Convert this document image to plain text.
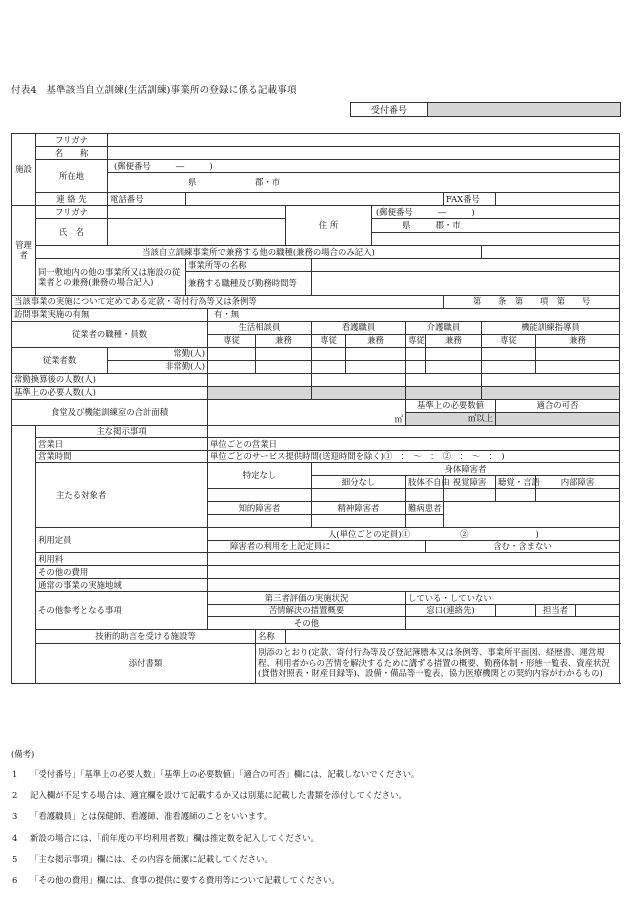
付表4　基準該当自立訓練(生活訓練)事業所の登録に係る記載事項
受付番号	
施設	フリガナ															
	名　　称															
	所在地	(郵便番号　　　―　　　)														
		県　　　　　　　郡・市														
	連 絡 先	電話番号										FAX番号				
管理者	フリガナ					住 所			(郵便番号　　　―　　　)							
	氏　名								県　　　郡・市							

	当該自立訓練事業所で兼務する他の職種(兼務の場合のみ記入)															
	同一敷地内の他の事業所又は施設の従業者との兼務(兼務の場合記入)		事業所等の名称													
			兼務する職種及び勤務時間等													
当該事業の実施について定めてある定款・寄付行為等又は条例等												第　　条　第　　項　第　　号				
訪問事業実施の有無				有・無												
従業者の職種・員数				生活相談員			看護職員			介護職員			機能訓練指導員			
				専従	兼務		専従	兼務		専従	兼務		専従		兼務	
従業者数		常勤(人)														
		非常勤(人)														
常勤換算後の人数(人)																
基準上の必要人数(人)																
食堂及び機能訓練室の合計面積				㎡　　　　　						基準上の必要数値				適合の可否		
										㎡以上						
	主な掲示事項															
	営業日			単位ごとの営業日												
	営業時間			単位ごとのサービス提供時間(送迎時間を除く)①　：　～　：　②　：　～　：　)												
	主たる対象者			特定なし			身体障害者									
							細分なし			肢体不自由		視覚障害		聴覚・言語	内部障害	

				知的障害者			精神障害者			難病患者						

	利用定員			人(単位ごとの定員)①　　　　　　②　　　　　　　　)												
				障害者の利用を上記定員に							含む・含まない					
	利用料															
	その他の費用															
	通常の事業の実施地域															
	その他参考となる事項			第三者評価の実施状況						している・していない						
				苦情解決の措置概要						窓口(連絡先)					担当者	
				その他												
	技術的助言を受ける施設等				名称											
	添付書類				別添のとおり(定款、寄付行為等及び登記簿謄本又は条例等、事業所平面図、経歴書、運営規程、利用者からの苦情を解決するために講ずる措置の概要、勤務体制・形態一覧表、資産状況(貸借対照表・財産目録等)、設備・備品等一覧表、協力医療機関との契約内容がわかるもの)											
(備考)
1 「受付番号」「基準上の必要人数」「基準上の必要数値」「適合の可否」欄には、記載しないでください。
2 記入欄が不足する場合は、適宜欄を設けて記載するか又は別葉に記載した書類を添付してください。
3 「看護職員」とは保健師、看護師、准看護師のことをいいます。
4 新設の場合には、「前年度の平均利用者数」欄は推定数を記入してください。
5 「主な掲示事項」欄には、その内容を簡潔に記載してください。
6 「その他の費用」欄には、食事の提供に要する費用等について記載してください。
